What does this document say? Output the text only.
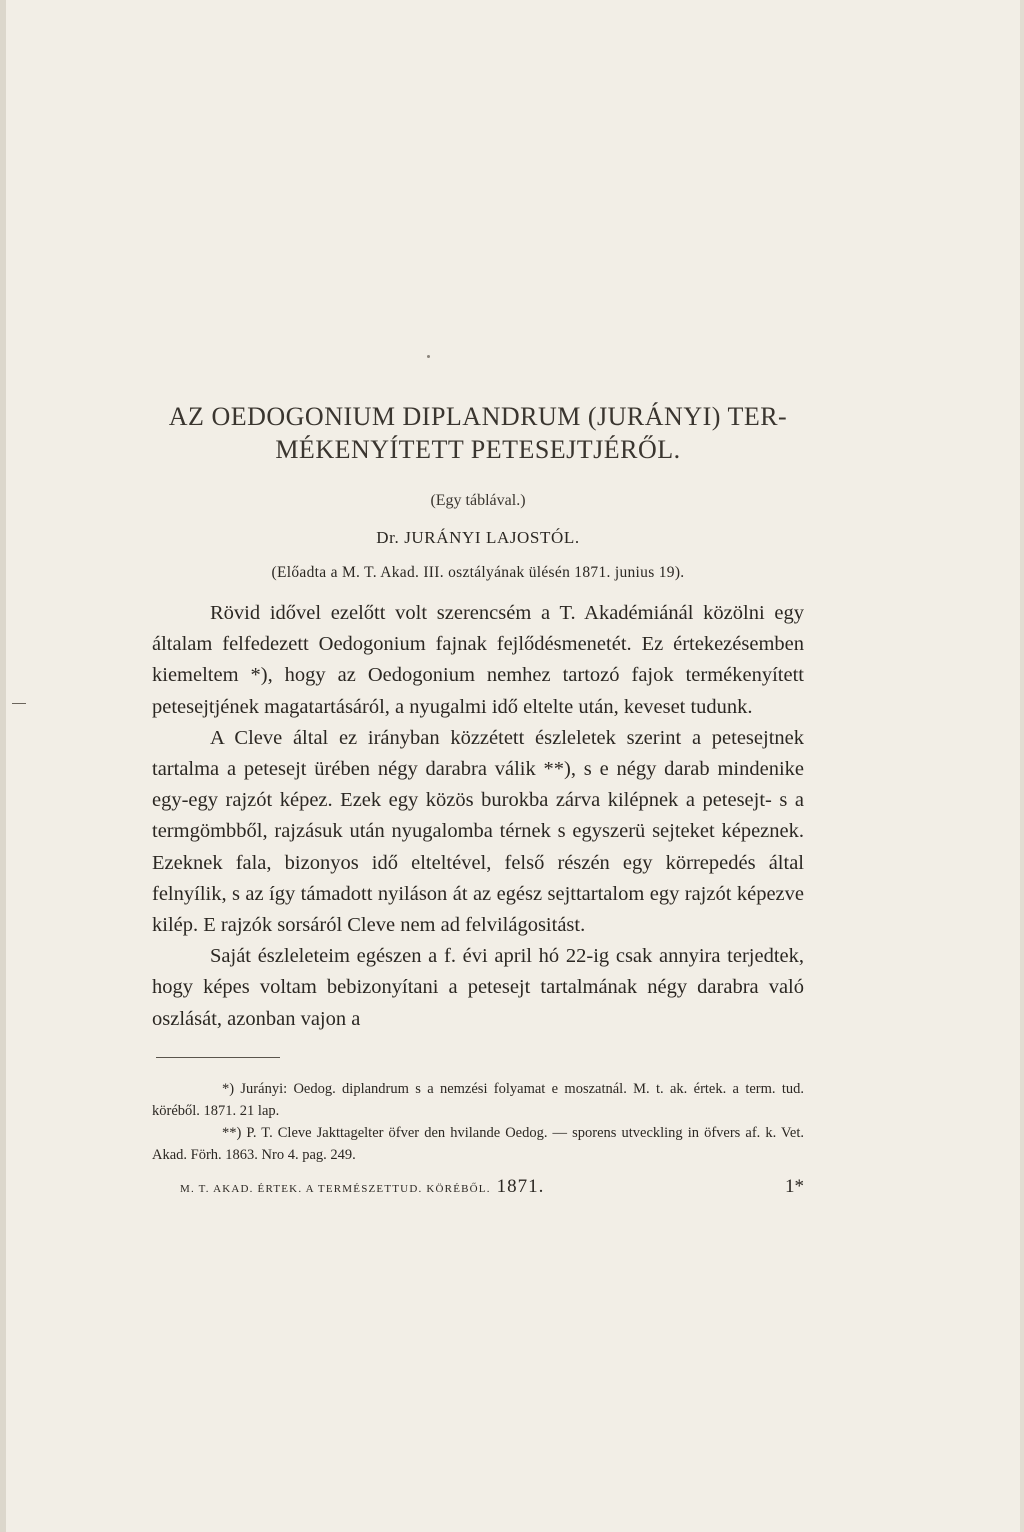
AZ OEDOGONIUM DIPLANDRUM (JURÁNYI) TER-
MÉKENYÍTETT PETESEJTJÉRŐL.
(Egy táblával.)
Dr. JURÁNYI LAJOSTÓL.
(Előadta a M. T. Akad. III. osztályának ülésén 1871. junius 19).

Rövid idővel ezelőtt volt szerencsém a T. Akadémiánál közölni egy általam felfedezett Oedogonium fajnak fejlődésmenetét. Ez értekezésemben kiemeltem *), hogy az Oedogonium nemhez tartozó fajok termékenyített petesejtjének magatartásáról, a nyugalmi idő eltelte után, keveset tudunk.

A Cleve által ez irányban közzétett észleletek szerint a petesejtnek tartalma a petesejt ürében négy darabra válik **), s e négy darab mindenike egy-egy rajzót képez. Ezek egy közös burokba zárva kilépnek a petesejt- s a termgömbből, rajzásuk után nyugalomba térnek s egyszerü sejteket képeznek. Ezeknek fala, bizonyos idő elteltével, felső részén egy körrepedés által felnyílik, s az így támadott nyiláson át az egész sejttartalom egy rajzót képezve kilép. E rajzók sorsáról Cleve nem ad felvilágositást.

Saját észleleteim egészen a f. évi april hó 22-ig csak annyira terjedtek, hogy képes voltam bebizonyítani a petesejt tartalmának négy darabra való oszlását, azonban vajon a

*) Jurányi: Oedog. diplandrum s a nemzési folyamat e moszatnál. M. t. ak. értek. a term. tud. köréből. 1871. 21 lap.

**) P. T. Cleve Jakttagelter öfver den hvilande Oedog. — sporens utveckling in öfvers af. k. Vet. Akad. Förh. 1863. Nro 4. pag. 249.

M. T. AKAD. ÉRTEK. A TERMÉSZETTUD. KÖRÉBŐL. 1871.	1*
